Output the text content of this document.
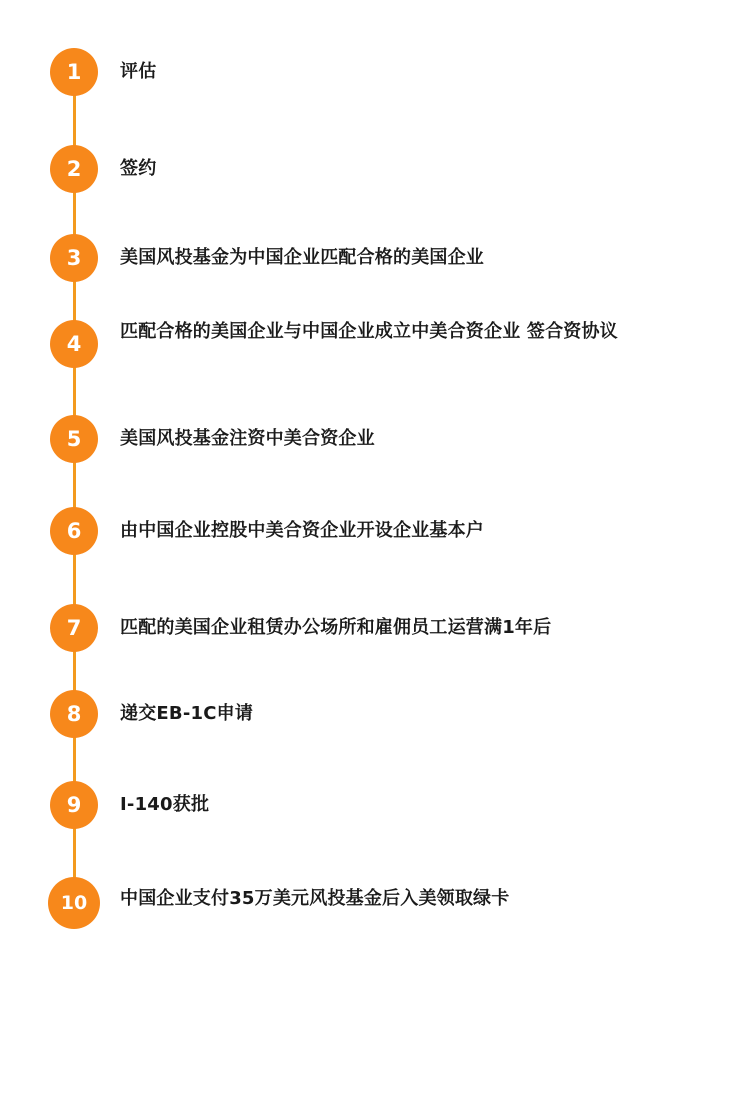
1	评估
2	签约
3	美国风投基金为中国企业匹配合格的美国企业
4
匹配合格的美国企业与中国企业成立中美合资企业 签合资协议
5	美国风投基金注资中美合资企业
6	由中国企业控股中美合资企业开设企业基本户
7	匹配的美国企业租赁办公场所和雇佣员工运营满1年后
8	递交EB-1C申请
9	I-140获批
10	中国企业支付35万美元风投基金后入美领取绿卡
